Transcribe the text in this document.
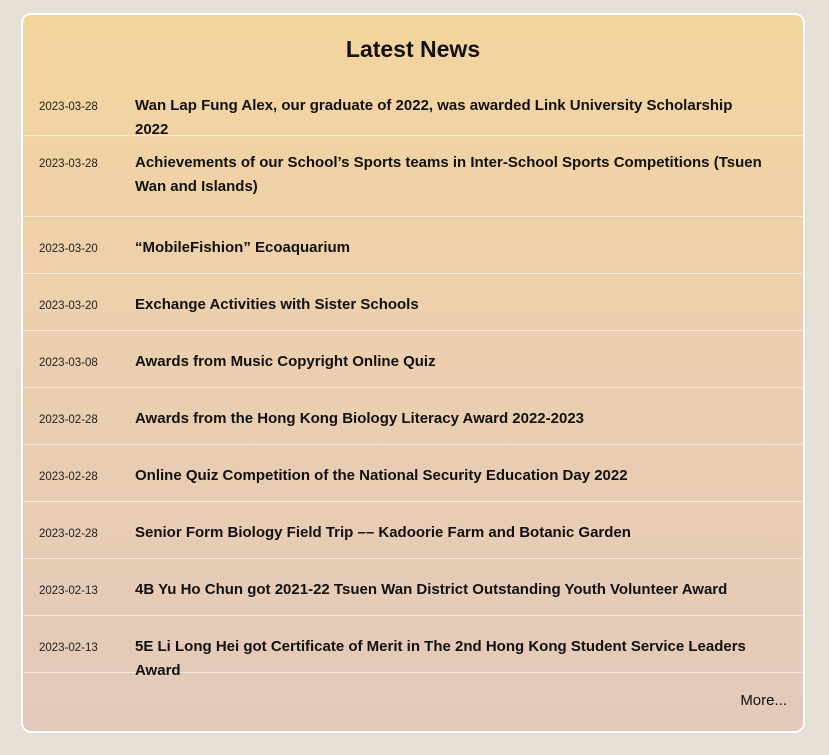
Latest News
2023-03-28	Wan Lap Fung Alex, our graduate of 2022, was awarded Link University Scholarship 2022
2023-03-28	Achievements of our School’s Sports teams in Inter-School Sports Competitions (Tsuen Wan and Islands)
2023-03-20	“MobileFishion” Ecoaquarium
2023-03-20	Exchange Activities with Sister Schools
2023-03-08	Awards from Music Copyright Online Quiz
2023-02-28	Awards from the Hong Kong Biology Literacy Award 2022-2023
2023-02-28	Online Quiz Competition of the National Security Education Day 2022
2023-02-28	Senior Form Biology Field Trip –– Kadoorie Farm and Botanic Garden
2023-02-13	4B Yu Ho Chun got 2021-22 Tsuen Wan District Outstanding Youth Volunteer Award
2023-02-13	5E Li Long Hei got Certificate of Merit in The 2nd Hong Kong Student Service Leaders Award
More...
